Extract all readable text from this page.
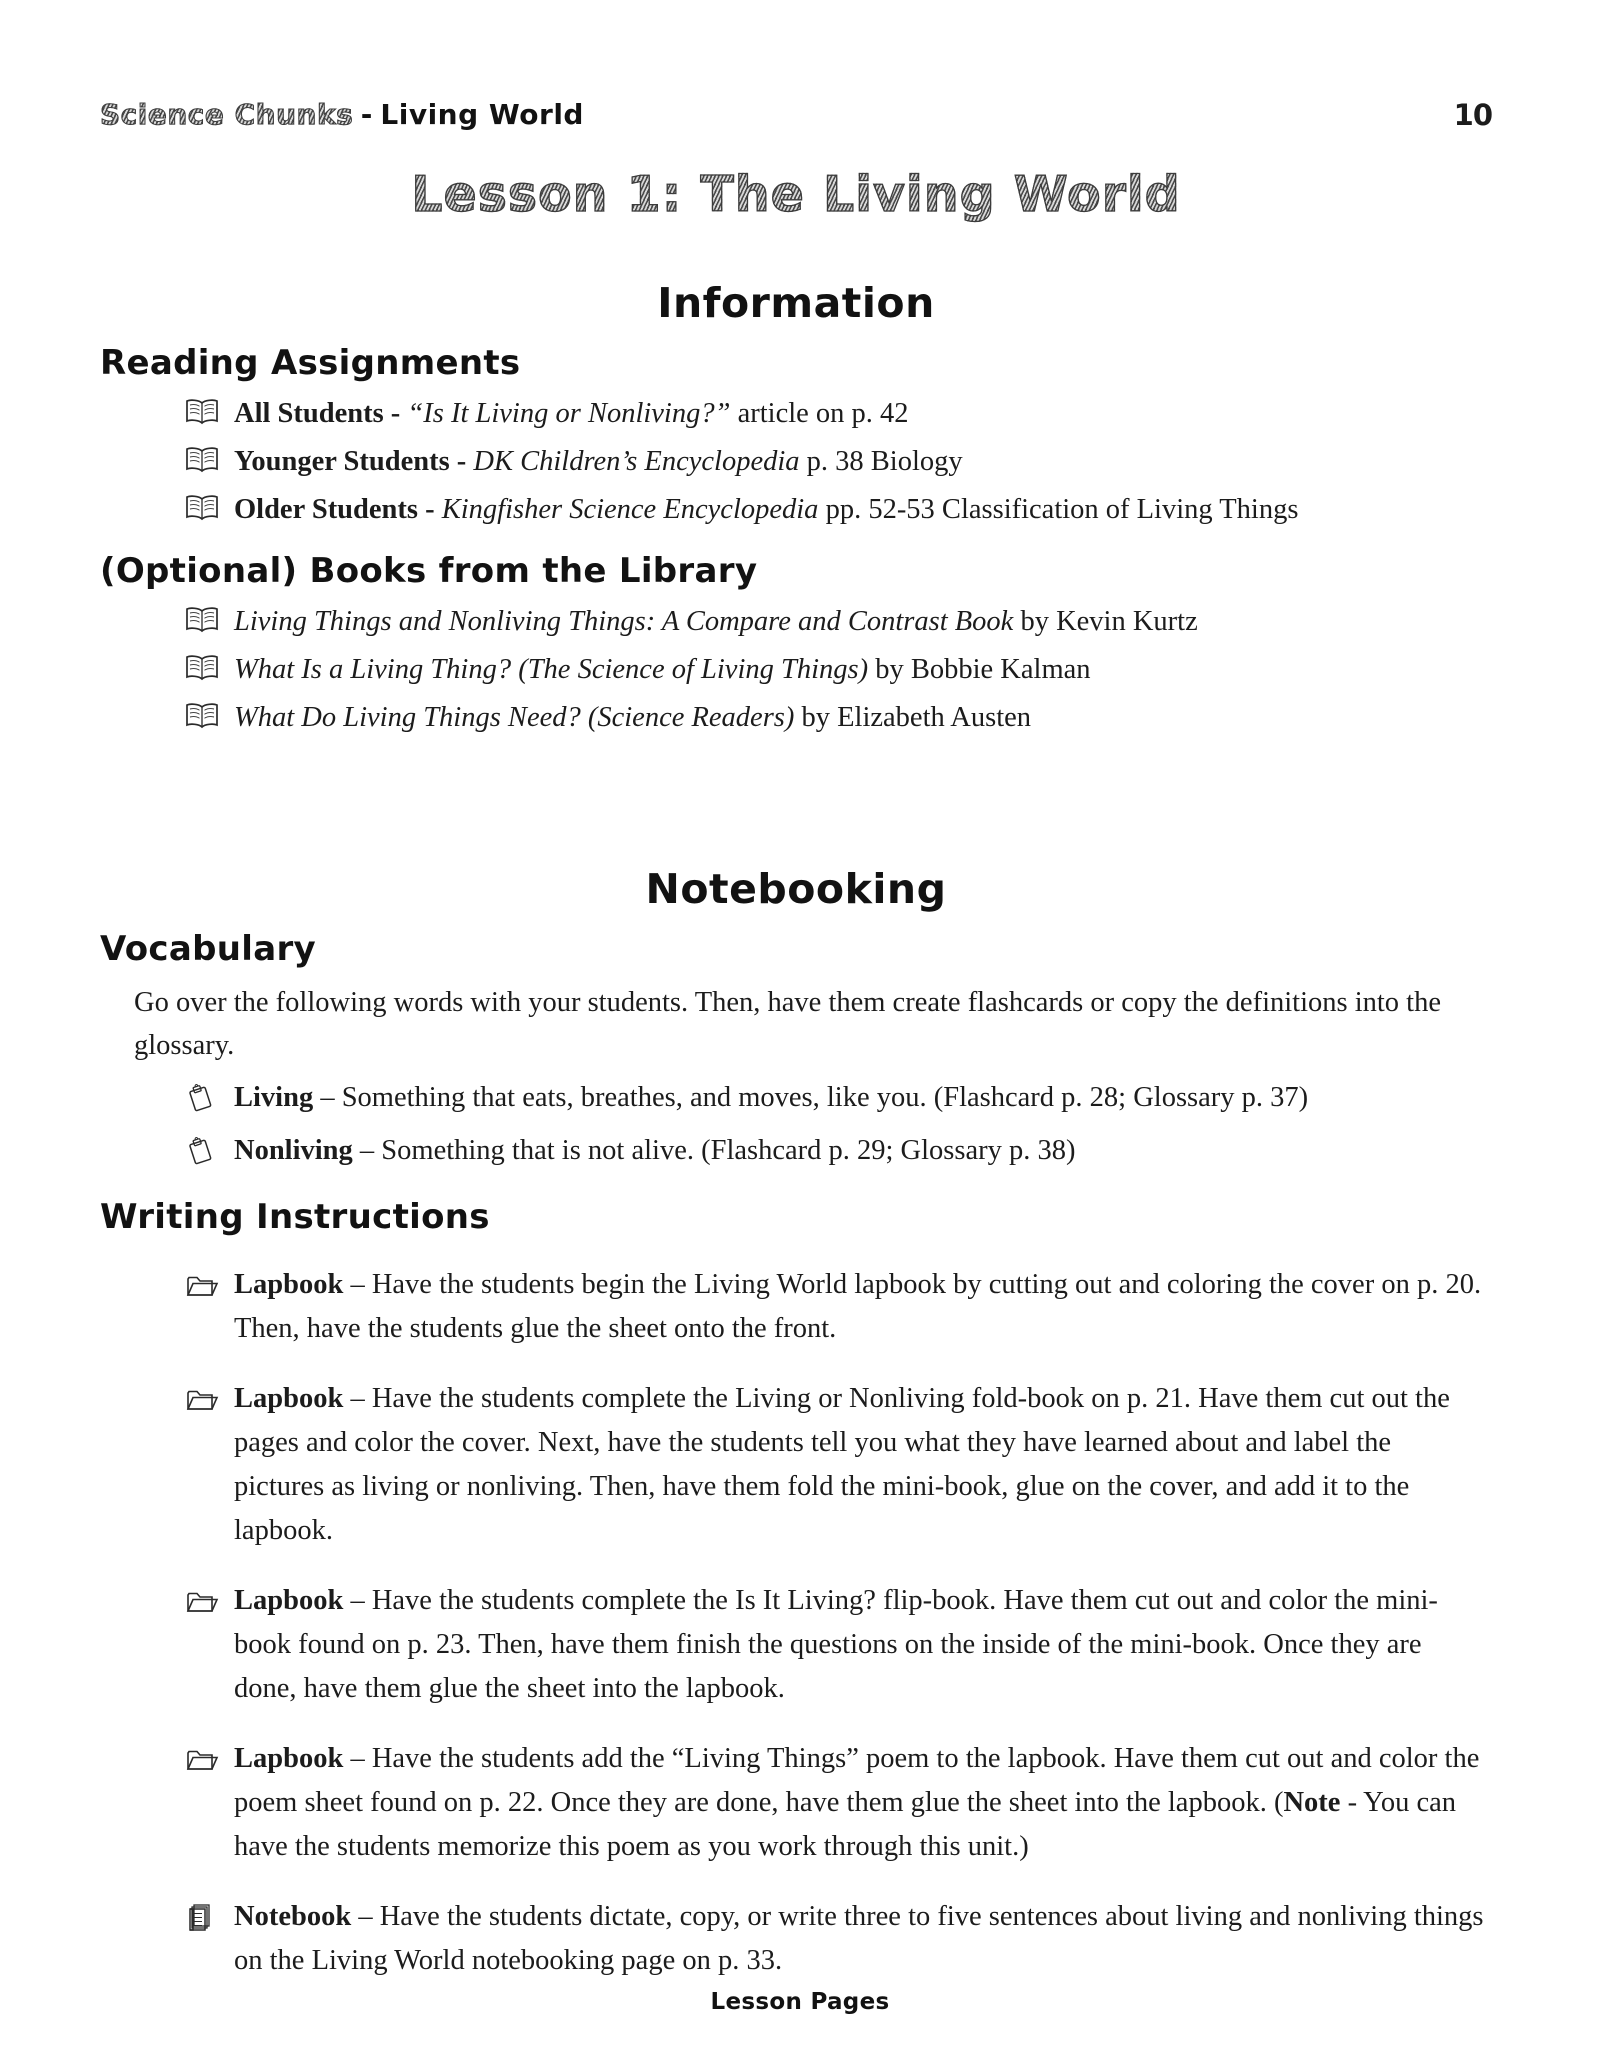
Science Chunks - Living World	10
Lesson 1: The Living World
Information
Reading Assignments
All Students - “Is It Living or Nonliving?” article on p. 42
Younger Students - DK Children’s Encyclopedia p. 38 Biology
Older Students - Kingfisher Science Encyclopedia pp. 52-53 Classification of Living Things
(Optional) Books from the Library
Living Things and Nonliving Things: A Compare and Contrast Book by Kevin Kurtz
What Is a Living Thing? (The Science of Living Things) by Bobbie Kalman
What Do Living Things Need? (Science Readers) by Elizabeth Austen
Notebooking
Vocabulary
Go over the following words with your students. Then, have them create flashcards or copy the definitions into the glossary.
Living – Something that eats, breathes, and moves, like you. (Flashcard p. 28; Glossary p. 37)
Nonliving – Something that is not alive. (Flashcard p. 29; Glossary p. 38)
Writing Instructions
Lapbook – Have the students begin the Living World lapbook by cutting out and coloring the cover on p. 20. Then, have the students glue the sheet onto the front.
Lapbook – Have the students complete the Living or Nonliving fold-book on p. 21. Have them cut out the pages and color the cover. Next, have the students tell you what they have learned about and label the pictures as living or nonliving. Then, have them fold the mini-book, glue on the cover, and add it to the lapbook.
Lapbook – Have the students complete the Is It Living? flip-book. Have them cut out and color the mini-book found on p. 23. Then, have them finish the questions on the inside of the mini-book. Once they are done, have them glue the sheet into the lapbook.
Lapbook – Have the students add the “Living Things” poem to the lapbook. Have them cut out and color the poem sheet found on p. 22. Once they are done, have them glue the sheet into the lapbook. (Note - You can have the students memorize this poem as you work through this unit.)
Notebook – Have the students dictate, copy, or write three to five sentences about living and nonliving things on the Living World notebooking page on p. 33.
Lesson Pages
